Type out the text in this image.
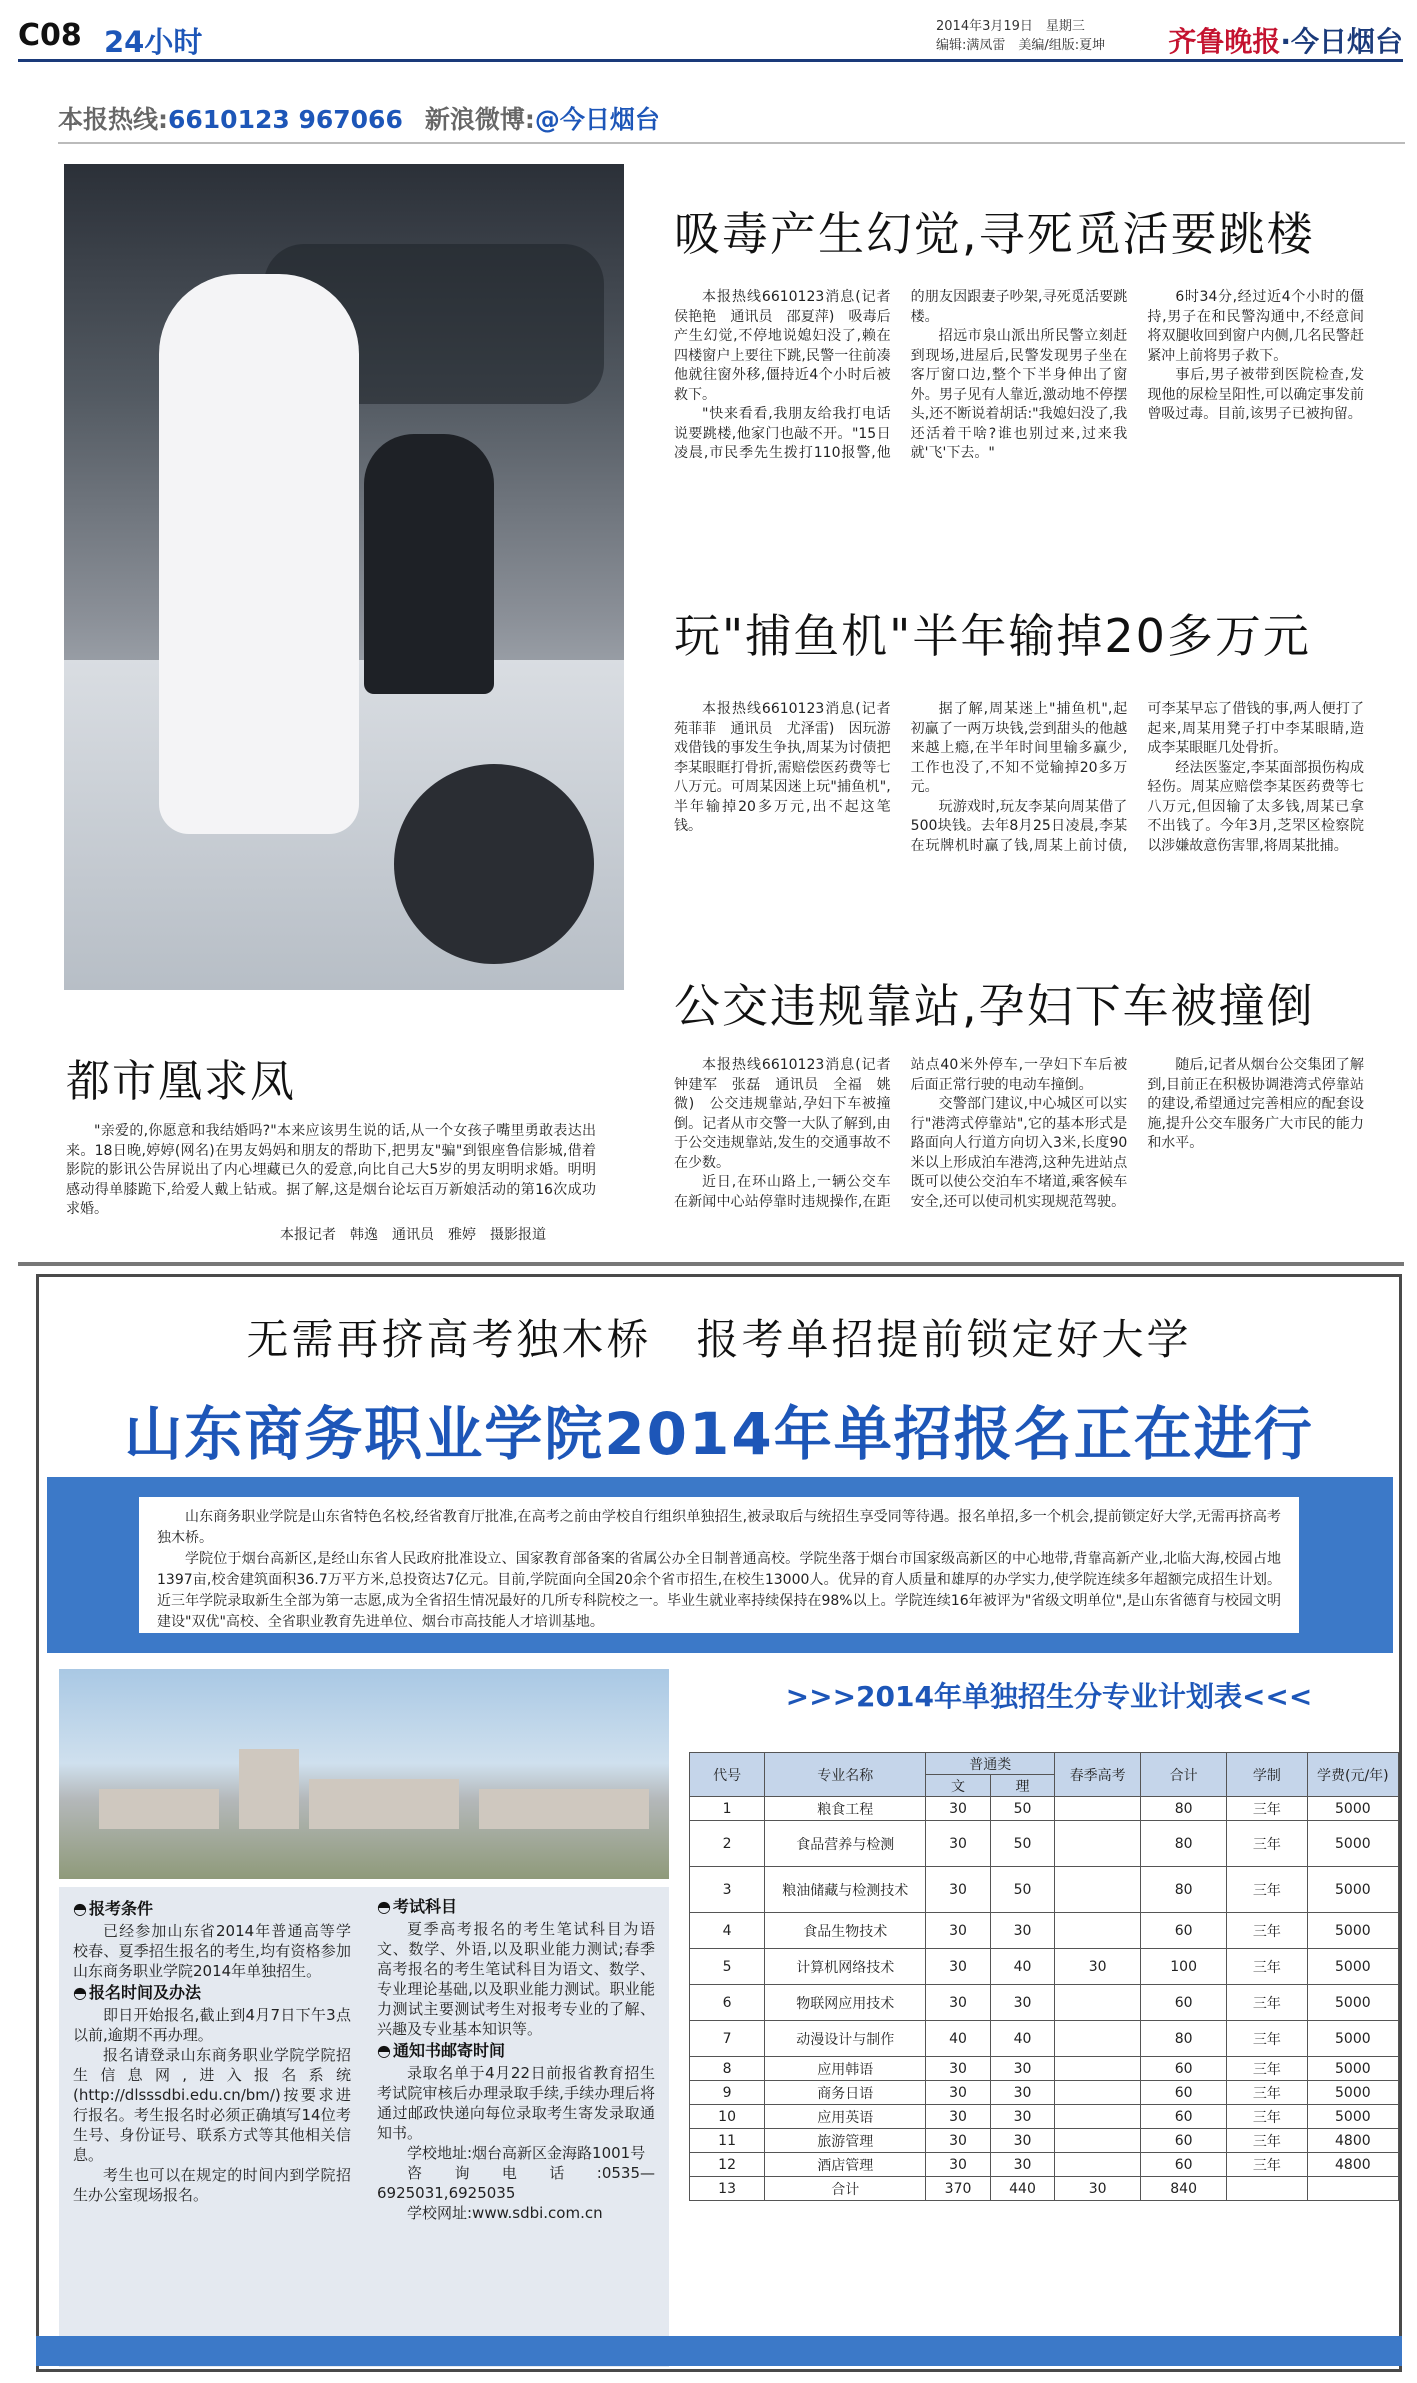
C08 24小时	2014年3月19日　星期三
编辑:满凤雷　美编/组版:夏坤 齐鲁晚报·今日烟台
本报热线:6610123 967066 新浪微博:@今日烟台
吸毒产生幻觉,寻死觅活要跳楼

本报热线6610123消息(记者　侯艳艳　通讯员　邵夏萍)　吸毒后产生幻觉,不停地说媳妇没了,赖在四楼窗户上要往下跳,民警一往前凑他就往窗外移,僵持近4个小时后被救下。

"快来看看,我朋友给我打电话说要跳楼,他家门也敲不开。"15日凌晨,市民季先生拨打110报警,他的朋友因跟妻子吵架,寻死觅活要跳楼。

招远市泉山派出所民警立刻赶到现场,进屋后,民警发现男子坐在客厅窗口边,整个下半身伸出了窗外。男子见有人靠近,激动地不停摆头,还不断说着胡话:"我媳妇没了,我还活着干啥?谁也别过来,过来我就'飞'下去。"

6时34分,经过近4个小时的僵持,男子在和民警沟通中,不经意间将双腿收回到窗户内侧,几名民警赶紧冲上前将男子救下。

事后,男子被带到医院检查,发现他的尿检呈阳性,可以确定事发前曾吸过毒。目前,该男子已被拘留。

玩"捕鱼机"半年输掉20多万元

本报热线6610123消息(记者　苑菲菲　通讯员　尤泽雷)　因玩游戏借钱的事发生争执,周某为讨债把李某眼眶打骨折,需赔偿医药费等七八万元。可周某因迷上玩"捕鱼机",半年输掉20多万元,出不起这笔钱。

据了解,周某迷上"捕鱼机",起初赢了一两万块钱,尝到甜头的他越来越上瘾,在半年时间里输多赢少,工作也没了,不知不觉输掉20多万元。

玩游戏时,玩友李某向周某借了500块钱。去年8月25日凌晨,李某在玩牌机时赢了钱,周某上前讨债,可李某早忘了借钱的事,两人便打了起来,周某用凳子打中李某眼睛,造成李某眼眶几处骨折。

经法医鉴定,李某面部损伤构成轻伤。周某应赔偿李某医药费等七八万元,但因输了太多钱,周某已拿不出钱了。今年3月,芝罘区检察院以涉嫌故意伤害罪,将周某批捕。

公交违规靠站,孕妇下车被撞倒

本报热线6610123消息(记者　钟建军　张磊　通讯员　全福　姚微)　公交违规靠站,孕妇下车被撞倒。记者从市交警一大队了解到,由于公交违规靠站,发生的交通事故不在少数。

近日,在环山路上,一辆公交车在新闻中心站停靠时违规操作,在距站点40米外停车,一孕妇下车后被后面正常行驶的电动车撞倒。

交警部门建议,中心城区可以实行"港湾式停靠站",它的基本形式是路面向人行道方向切入3米,长度90米以上形成泊车港湾,这种先进站点既可以使公交泊车不堵道,乘客候车安全,还可以使司机实现规范驾驶。

随后,记者从烟台公交集团了解到,目前正在积极协调港湾式停靠站的建设,希望通过完善相应的配套设施,提升公交车服务广大市民的能力和水平。

都市凰求凤
"亲爱的,你愿意和我结婚吗?"本来应该男生说的话,从一个女孩子嘴里勇敢表达出来。18日晚,婷婷(网名)在男友妈妈和朋友的帮助下,把男友"骗"到银座鲁信影城,借着影院的影讯公告屏说出了内心埋藏已久的爱意,向比自己大5岁的男友明明求婚。明明感动得单膝跪下,给爱人戴上钻戒。据了解,这是烟台论坛百万新娘活动的第16次成功求婚。
本报记者　韩逸　通讯员　雅婷　摄影报道
无需再挤高考独木桥　报考单招提前锁定好大学
山东商务职业学院2014年单招报名正在进行

山东商务职业学院是山东省特色名校,经省教育厅批准,在高考之前由学校自行组织单独招生,被录取后与统招生享受同等待遇。报名单招,多一个机会,提前锁定好大学,无需再挤高考独木桥。

学院位于烟台高新区,是经山东省人民政府批准设立、国家教育部备案的省属公办全日制普通高校。学院坐落于烟台市国家级高新区的中心地带,背靠高新产业,北临大海,校园占地1397亩,校舍建筑面积36.7万平方米,总投资达7亿元。目前,学院面向全国20余个省市招生,在校生13000人。优异的育人质量和雄厚的办学实力,使学院连续多年超额完成招生计划。近三年学院录取新生全部为第一志愿,成为全省招生情况最好的几所专科院校之一。毕业生就业率持续保持在98%以上。学院连续16年被评为"省级文明单位",是山东省德育与校园文明建设"双优"高校、全省职业教育先进单位、烟台市高技能人才培训基地。

◓ 报考条件

已经参加山东省2014年普通高等学校春、夏季招生报名的考生,均有资格参加山东商务职业学院2014年单独招生。

◓ 报名时间及办法

即日开始报名,截止到4月7日下午3点以前,逾期不再办理。

报名请登录山东商务职业学院学院招生信息网,进入报名系统(http://dlsssdbi.edu.cn/bm/)按要求进行报名。考生报名时必须正确填写14位考生号、身份证号、联系方式等其他相关信息。

考生也可以在规定的时间内到学院招生办公室现场报名。

◓ 考试科目

夏季高考报名的考生笔试科目为语文、数学、外语,以及职业能力测试;春季高考报名的考生笔试科目为语文、数学、专业理论基础,以及职业能力测试。职业能力测试主要测试考生对报考专业的了解、兴趣及专业基本知识等。

◓ 通知书邮寄时间

录取名单于4月22日前报省教育招生考试院审核后办理录取手续,手续办理后将通过邮政快递向每位录取考生寄发录取通知书。

学校地址:烟台高新区金海路1001号

咨询电话:0535—6925031,6925035

学校网址:www.sdbi.com.cn

>>>2014年单独招生分专业计划表<<<
代号	专业名称	普通类		春季高考	合计	学制	学费(元/年)
		文	理				
1	粮食工程	30	50		80	三年	5000
2	食品营养与检测	30	50		80	三年	5000
3	粮油储藏与检测技术	30	50		80	三年	5000
4	食品生物技术	30	30		60	三年	5000
5	计算机网络技术	30	40	30	100	三年	5000
6	物联网应用技术	30	30		60	三年	5000
7	动漫设计与制作	40	40		80	三年	5000
8	应用韩语	30	30		60	三年	5000
9	商务日语	30	30		60	三年	5000
10	应用英语	30	30		60	三年	5000
11	旅游管理	30	30		60	三年	4800
12	酒店管理	30	30		60	三年	4800
13	合计	370	440	30	840		
